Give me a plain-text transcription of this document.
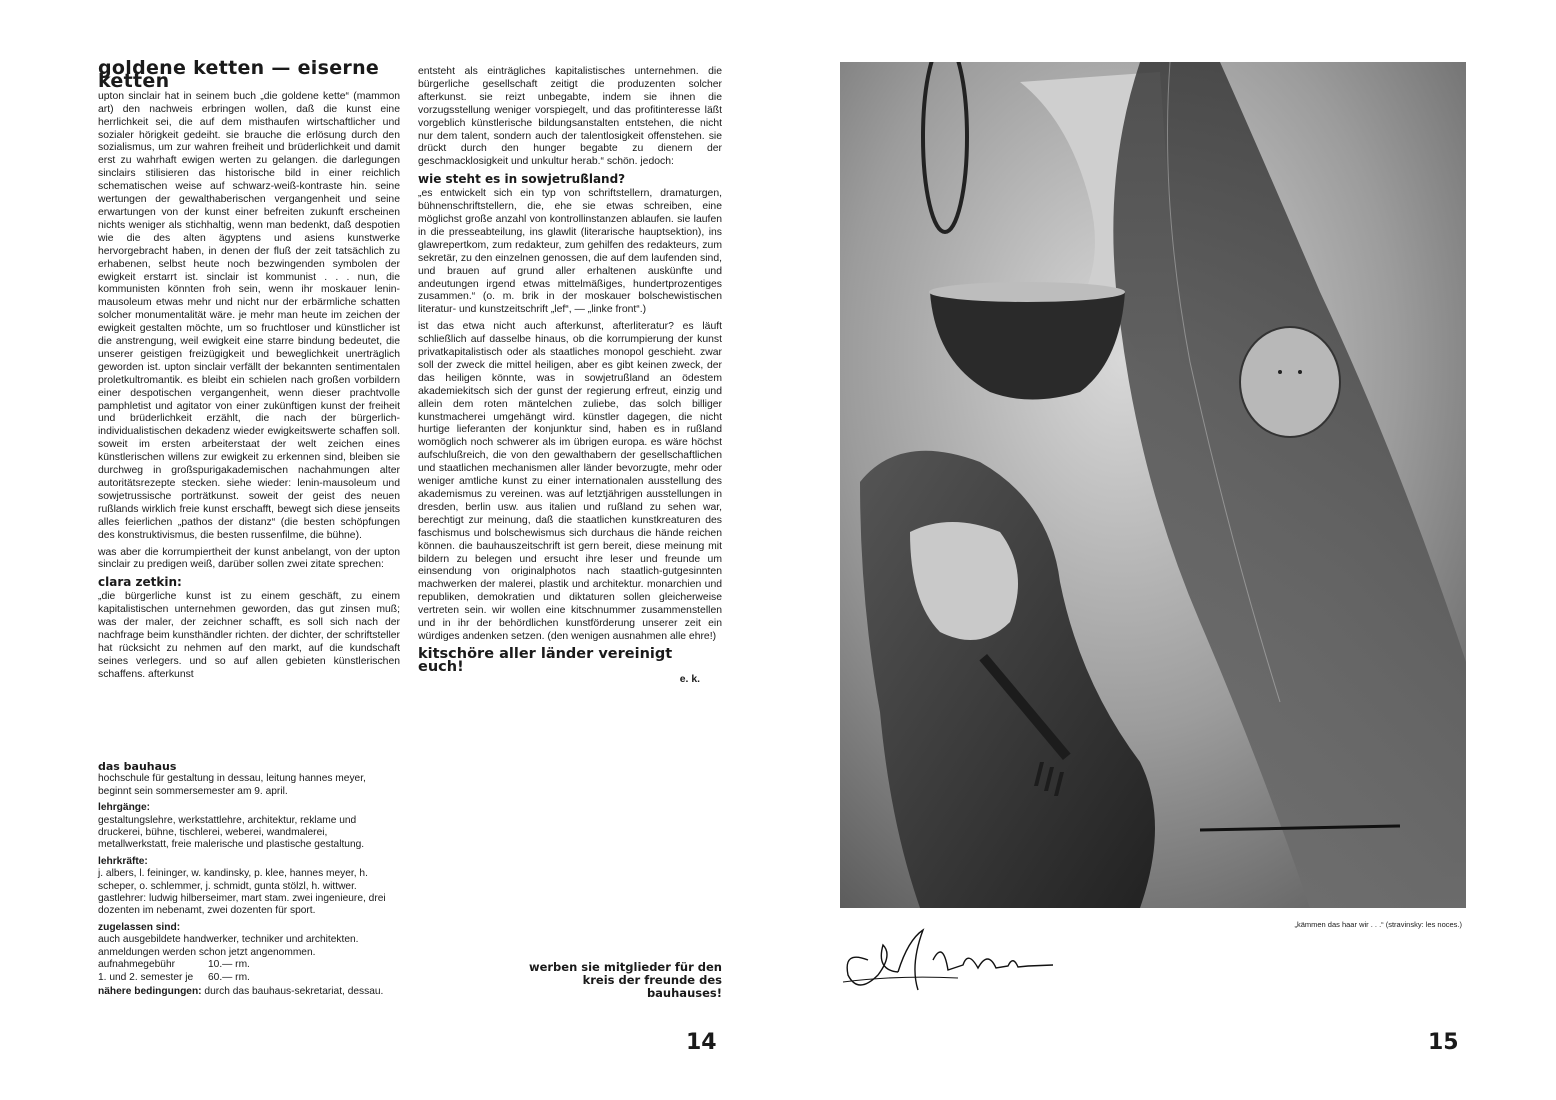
goldene ketten — eiserne ketten

upton sinclair hat in seinem buch „die goldene kette“ (mammon art) den nachweis erbringen wollen, daß die kunst eine herrlichkeit sei, die auf dem misthaufen wirtschaftlicher und sozialer hörigkeit gedeiht. sie brauche die erlösung durch den sozialismus, um zur wahren freiheit und brüderlichkeit und damit erst zu wahrhaft ewigen werten zu gelangen. die darlegungen sinclairs stilisieren das historische bild in einer reichlich schematischen weise auf schwarz-weiß-kontraste hin. seine wertungen der gewalthaberischen vergangenheit und seine erwartungen von der kunst einer befreiten zukunft erscheinen nichts weniger als stichhaltig, wenn man bedenkt, daß despotien wie die des alten ägyptens und asiens kunstwerke hervorgebracht haben, in denen der fluß der zeit tatsächlich zu erhabenen, selbst heute noch bezwingenden symbolen der ewigkeit erstarrt ist. sinclair ist kommunist . . . nun, die kommunisten könnten froh sein, wenn ihr moskauer lenin-mausoleum etwas mehr und nicht nur der erbärmliche schatten solcher monumentalität wäre. je mehr man heute im zeichen der ewigkeit gestalten möchte, um so fruchtloser und künstlicher ist die anstrengung, weil ewigkeit eine starre bindung bedeutet, die unserer geistigen freizügigkeit und beweglichkeit unerträglich geworden ist. upton sinclair verfällt der bekannten sentimentalen proletkultromantik. es bleibt ein schielen nach großen vorbildern einer despotischen vergangenheit, wenn dieser prachtvolle pamphletist und agitator von einer zukünftigen kunst der freiheit und brüderlichkeit erzählt, die nach der bürgerlich-individualistischen dekadenz wieder ewigkeitswerte schaffen soll. soweit im ersten arbeiterstaat der welt zeichen eines künstlerischen willens zur ewigkeit zu erkennen sind, bleiben sie durchweg in großspurigakademischen nachahmungen alter autoritätsrezepte stecken. siehe wieder: lenin-mausoleum und sowjetrussische porträtkunst. soweit der geist des neuen rußlands wirklich freie kunst erschafft, bewegt sich diese jenseits alles feierlichen „pathos der distanz“ (die besten schöpfungen des konstruktivismus, die besten russenfilme, die bühne).

was aber die korrumpiertheit der kunst anbelangt, von der upton sinclair zu predigen weiß, darüber sollen zwei zitate sprechen:

clara zetkin:

„die bürgerliche kunst ist zu einem geschäft, zu einem kapitalistischen unternehmen geworden, das gut zinsen muß; was der maler, der zeichner schafft, es soll sich nach der nachfrage beim kunsthändler richten. der dichter, der schriftsteller hat rücksicht zu nehmen auf den markt, auf die kundschaft seines verlegers. und so auf allen gebieten künstlerischen schaffens. afterkunst

entsteht als einträgliches kapitalistisches unternehmen. die bürgerliche gesellschaft zeitigt die produzenten solcher afterkunst. sie reizt unbegabte, indem sie ihnen die vorzugsstellung weniger vorspiegelt, und das profitinteresse läßt vorgeblich künstlerische bildungsanstalten entstehen, die nicht nur dem talent, sondern auch der talentlosigkeit offenstehen. sie drückt durch den hunger begabte zu dienern der geschmacklosigkeit und unkultur herab.“ schön. jedoch:

wie steht es in sowjetrußland?

„es entwickelt sich ein typ von schriftstellern, dramaturgen, bühnenschriftstellern, die, ehe sie etwas schreiben, eine möglichst große anzahl von kontrollinstanzen ablaufen. sie laufen in die presseabteilung, ins glawlit (literarische hauptsektion), ins glawrepertkom, zum redakteur, zum gehilfen des redakteurs, zum sekretär, zu den einzelnen genossen, die auf dem laufenden sind, und brauen auf grund aller erhaltenen auskünfte und andeutungen irgend etwas mittelmäßiges, hundertprozentiges zusammen.“ (o. m. brik in der moskauer bolschewistischen literatur- und kunstzeitschrift „lef“, — „linke front“.)

ist das etwa nicht auch afterkunst, afterliteratur? es läuft schließlich auf dasselbe hinaus, ob die korrumpierung der kunst privatkapitalistisch oder als staatliches monopol geschieht. zwar soll der zweck die mittel heiligen, aber es gibt keinen zweck, der das heiligen könnte, was in sowjetrußland an ödestem akademiekitsch sich der gunst der regierung erfreut, einzig und allein dem roten mäntelchen zuliebe, das solch billiger kunstmacherei umgehängt wird. künstler dagegen, die nicht hurtige lieferanten der konjunktur sind, haben es in rußland womöglich noch schwerer als im übrigen europa. es wäre höchst aufschlußreich, die von den gewalthabern der gesellschaftlichen und staatlichen mechanismen aller länder bevorzugte, mehr oder weniger amtliche kunst zu einer internationalen ausstellung des akademismus zu vereinen. was auf letztjährigen ausstellungen in dresden, berlin usw. aus italien und rußland zu sehen war, berechtigt zur meinung, daß die staatlichen kunstkreaturen des faschismus und bolschewismus sich durchaus die hände reichen können. die bauhauszeitschrift ist gern bereit, diese meinung mit bildern zu belegen und ersucht ihre leser und freunde um einsendung von originalphotos nach staatlich-gutgesinnten machwerken der malerei, plastik und architektur. monarchien und republiken, demokratien und diktaturen sollen gleicherweise vertreten sein. wir wollen eine kitschnummer zusammenstellen und in ihr der behördlichen kunstförderung unserer zeit ein würdiges andenken setzen. (den wenigen ausnahmen alle ehre!)

kitschöre aller länder vereinigt euch!
e. k.
das bauhaus
hochschule für gestaltung in dessau, leitung hannes meyer, beginnt sein sommersemester am 9. april.
lehrgänge:
gestaltungslehre, werkstattlehre, architektur, reklame und druckerei, bühne, tischlerei, weberei, wandmalerei, metallwerkstatt, freie malerische und plastische gestaltung.
lehrkräfte:
j. albers, l. feininger, w. kandinsky, p. klee, hannes meyer, h. scheper, o. schlemmer, j. schmidt, gunta stölzl, h. wittwer. gastlehrer: ludwig hilberseimer, mart stam. zwei ingenieure, drei dozenten im nebenamt, zwei dozenten für sport.
zugelassen sind:
auch ausgebildete handwerker, techniker und architekten. anmeldungen werden schon jetzt angenommen.
aufnahmegebühr	10.— rm.
1. und 2. semester je	60.— rm.
nähere bedingungen: durch das bauhaus-sekretariat, dessau.
werben sie mitglieder für den kreis der freunde des bauhauses!
14
„kämmen das haar wir . . .“ (stravinsky: les noces.)
15
